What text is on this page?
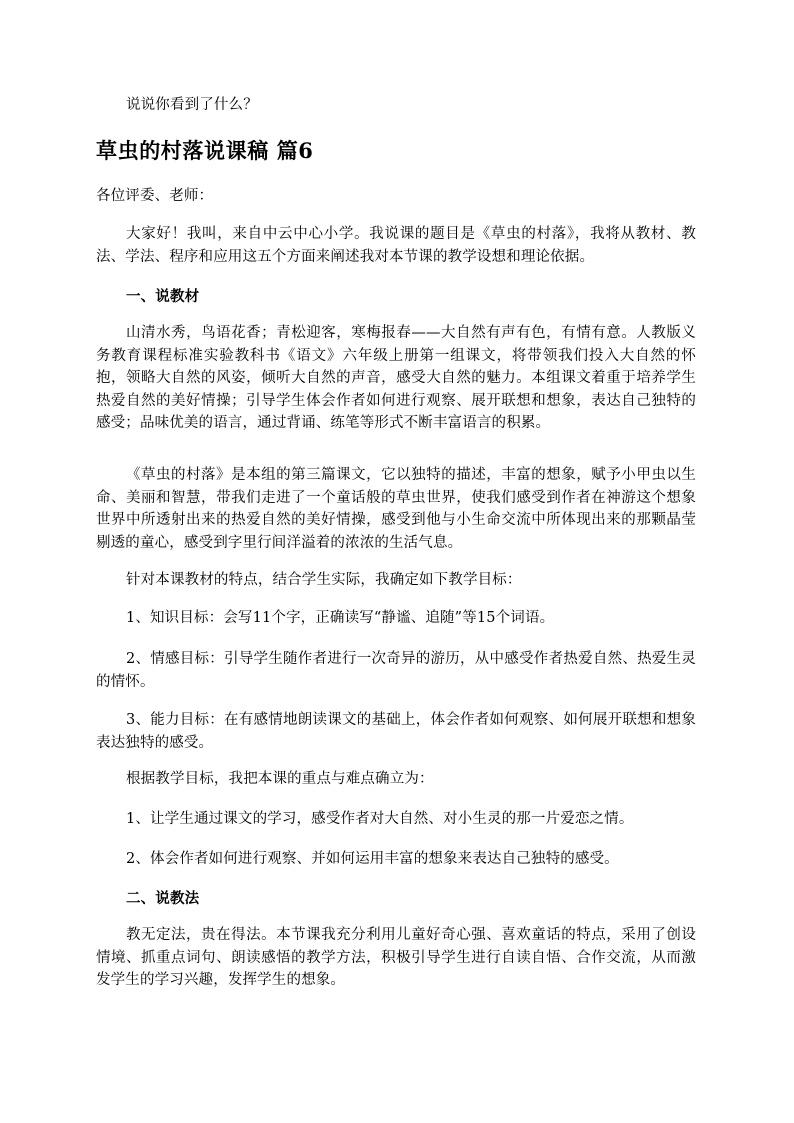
说说你看到了什么？

草虫的村落说课稿 篇6

各位评委、老师：

大家好！我叫，来自中云中心小学。我说课的题目是《草虫的村落》，我将从教材、教法、学法、程序和应用这五个方面来阐述我对本节课的教学设想和理论依据。

一、说教材

山清水秀，鸟语花香；青松迎客，寒梅报春——大自然有声有色，有情有意。人教版义务教育课程标准实验教科书《语文》六年级上册第一组课文，将带领我们投入大自然的怀抱，领略大自然的风姿，倾听大自然的声音，感受大自然的魅力。本组课文着重于培养学生热爱自然的美好情操；引导学生体会作者如何进行观察、展开联想和想象，表达自己独特的感受；品味优美的语言，通过背诵、练笔等形式不断丰富语言的积累。

《草虫的村落》是本组的第三篇课文，它以独特的描述，丰富的想象，赋予小甲虫以生命、美丽和智慧，带我们走进了一个童话般的草虫世界，使我们感受到作者在神游这个想象世界中所透射出来的热爱自然的美好情操，感受到他与小生命交流中所体现出来的那颗晶莹剔透的童心，感受到字里行间洋溢着的浓浓的生活气息。

针对本课教材的特点，结合学生实际，我确定如下教学目标：

1、知识目标：会写11个字，正确读写“静谧、追随”等15个词语。

2、情感目标：引导学生随作者进行一次奇异的游历，从中感受作者热爱自然、热爱生灵的情怀。

3、能力目标：在有感情地朗读课文的基础上，体会作者如何观察、如何展开联想和想象表达独特的感受。

根据教学目标，我把本课的重点与难点确立为：

1、让学生通过课文的学习，感受作者对大自然、对小生灵的那一片爱恋之情。

2、体会作者如何进行观察、并如何运用丰富的想象来表达自己独特的感受。

二、说教法

教无定法，贵在得法。本节课我充分利用儿童好奇心强、喜欢童话的特点，采用了创设情境、抓重点词句、朗读感悟的教学方法，积极引导学生进行自读自悟、合作交流，从而激发学生的学习兴趣，发挥学生的想象。
